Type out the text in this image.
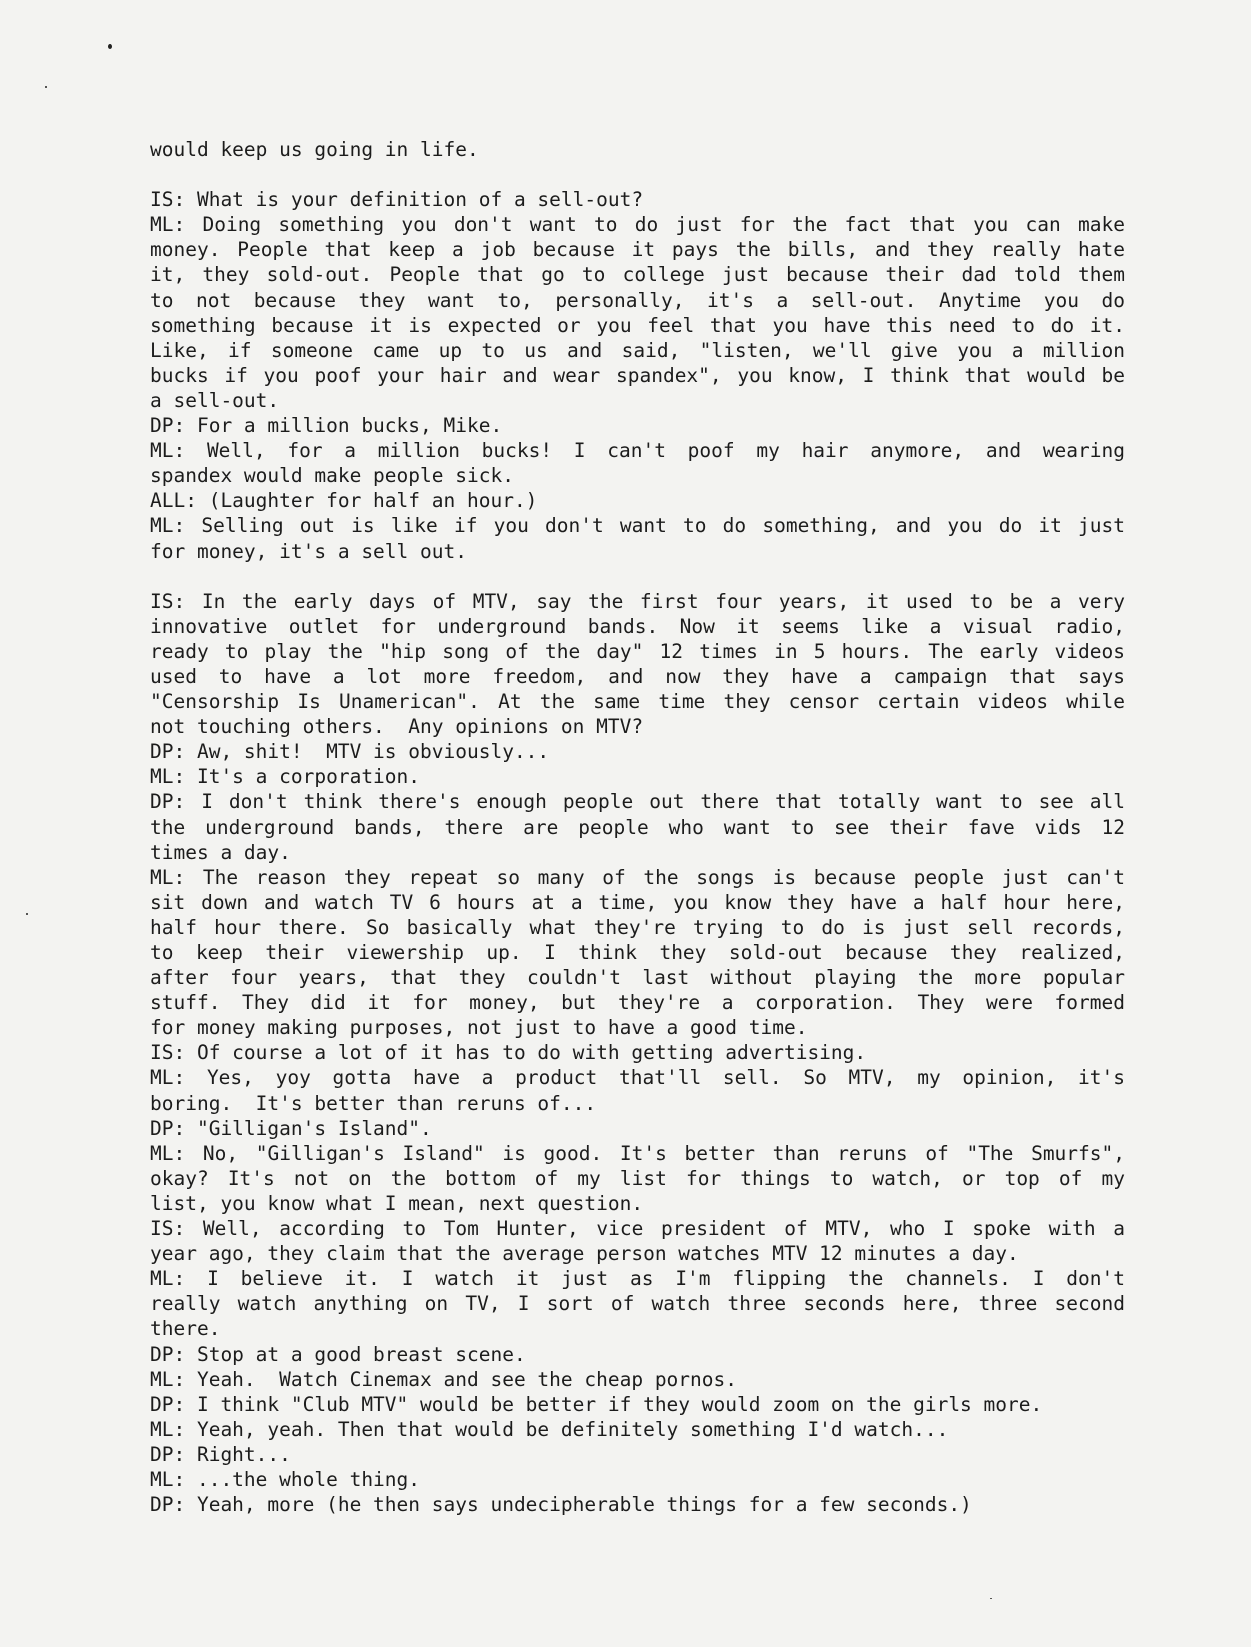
would keep us going in life.
IS: What is your definition of a sell-out?
ML: Doing something you don't want to do just for the fact that you can make
money. People that keep a job because it pays the bills, and they really hate
it, they sold-out. People that go to college just because their dad told them
to not because they want to, personally, it's a sell-out. Anytime you do
something because it is expected or you feel that you have this need to do it.
Like, if someone came up to us and said, "listen, we'll give you a million
bucks if you poof your hair and wear spandex", you know, I think that would be
a sell-out.
DP: For a million bucks, Mike.
ML: Well, for a million bucks! I can't poof my hair anymore, and wearing
spandex would make people sick.
ALL: (Laughter for half an hour.)
ML: Selling out is like if you don't want to do something, and you do it just
for money, it's a sell out.
IS: In the early days of MTV, say the first four years, it used to be a very
innovative outlet for underground bands. Now it seems like a visual radio,
ready to play the "hip song of the day" 12 times in 5 hours. The early videos
used to have a lot more freedom, and now they have a campaign that says
"Censorship Is Unamerican". At the same time they censor certain videos while
not touching others.  Any opinions on MTV?
DP: Aw, shit!  MTV is obviously...
ML: It's a corporation.
DP: I don't think there's enough people out there that totally want to see all
the underground bands, there are people who want to see their fave vids 12
times a day.
ML: The reason they repeat so many of the songs is because people just can't
sit down and watch TV 6 hours at a time, you know they have a half hour here,
half hour there. So basically what they're trying to do is just sell records,
to keep their viewership up. I think they sold-out because they realized,
after four years, that they couldn't last without playing the more popular
stuff. They did it for money, but they're a corporation. They were formed
for money making purposes, not just to have a good time.
IS: Of course a lot of it has to do with getting advertising.
ML: Yes, yoy gotta have a product that'll sell. So MTV, my opinion, it's
boring.  It's better than reruns of...
DP: "Gilligan's Island".
ML: No, "Gilligan's Island" is good. It's better than reruns of "The Smurfs",
okay? It's not on the bottom of my list for things to watch, or top of my
list, you know what I mean, next question.
IS: Well, according to Tom Hunter, vice president of MTV, who I spoke with a
year ago, they claim that the average person watches MTV 12 minutes a day.
ML: I believe it. I watch it just as I'm flipping the channels. I don't
really watch anything on TV, I sort of watch three seconds here, three second
there.
DP: Stop at a good breast scene.
ML: Yeah.  Watch Cinemax and see the cheap pornos.
DP: I think "Club MTV" would be better if they would zoom on the girls more.
ML: Yeah, yeah. Then that would be definitely something I'd watch...
DP: Right...
ML: ...the whole thing.
DP: Yeah, more (he then says undecipherable things for a few seconds.)
